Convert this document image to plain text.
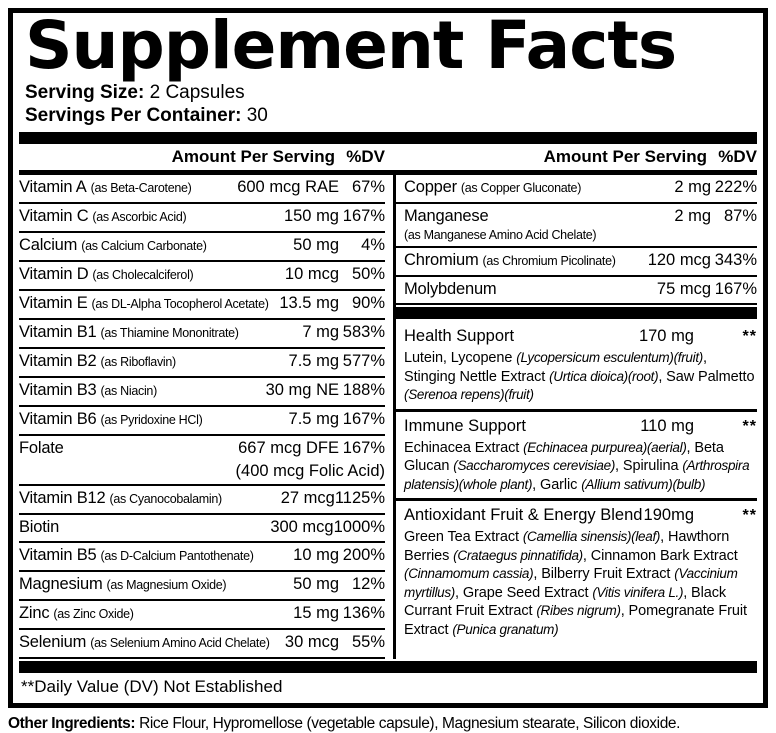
Supplement Facts
Serving Size: 2 Capsules
Servings Per Container: 30
Amount Per Serving %DV	Amount Per Serving %DV
Vitamin A (as Beta-Carotene)	600 mcg RAE 67%
Vitamin C (as Ascorbic Acid)	150 mg 167%
Calcium (as Calcium Carbonate)	50 mg	4%
Vitamin D (as Cholecalciferol)	10 mcg 50%
Vitamin E (as DL-Alpha Tocopherol Acetate) 13.5 mg 90%
Vitamin B1 (as Thiamine Mononitrate)	7 mg 583%
Vitamin B2 (as Riboflavin)	7.5 mg 577%
Vitamin B3 (as Niacin)	30 mg NE 188%
Vitamin B6 (as Pyridoxine HCl)	7.5 mg 167%
Folate	667 mcg DFE 167%
(400 mcg Folic Acid)
Vitamin B12 (as Cyanocobalamin)	27 mcg 1125%
Biotin	300 mcg 1000%
Vitamin B5 (as D-Calcium Pantothenate)	10 mg 200%
Magnesium (as Magnesium Oxide)	50 mg 12%
Zinc (as Zinc Oxide)	15 mg 136%
Selenium (as Selenium Amino Acid Chelate) 30 mcg 55%
Copper (as Copper Gluconate)	2 mg 222%
Manganese	2 mg 87%
(as Manganese Amino Acid Chelate)
Chromium (as Chromium Picolinate)	120 mcg 343%
Molybdenum	75 mcg 167%
Health Support	170 mg	**
Lutein, Lycopene (Lycopersicum esculentum)(fruit), Stinging Nettle Extract (Urtica dioica)(root), Saw Palmetto (Serenoa repens)(fruit)
Immune Support	110 mg	**
Echinacea Extract (Echinacea purpurea)(aerial), Beta Glucan (Saccharomyces cerevisiae), Spirulina (Arthrospira platensis)(whole plant), Garlic (Allium sativum)(bulb)
Antioxidant Fruit & Energy Blend 190mg	**
Green Tea Extract (Camellia sinensis)(leaf), Hawthorn Berries (Crataegus pinnatifida), Cinnamon Bark Extract (Cinnamomum cassia), Bilberry Fruit Extract (Vaccinium myrtillus), Grape Seed Extract (Vitis vinifera L.), Black Currant Fruit Extract (Ribes nigrum), Pomegranate Fruit Extract (Punica granatum)
**Daily Value (DV) Not Established
Other Ingredients: Rice Flour, Hypromellose (vegetable capsule), Magnesium stearate, Silicon dioxide.
